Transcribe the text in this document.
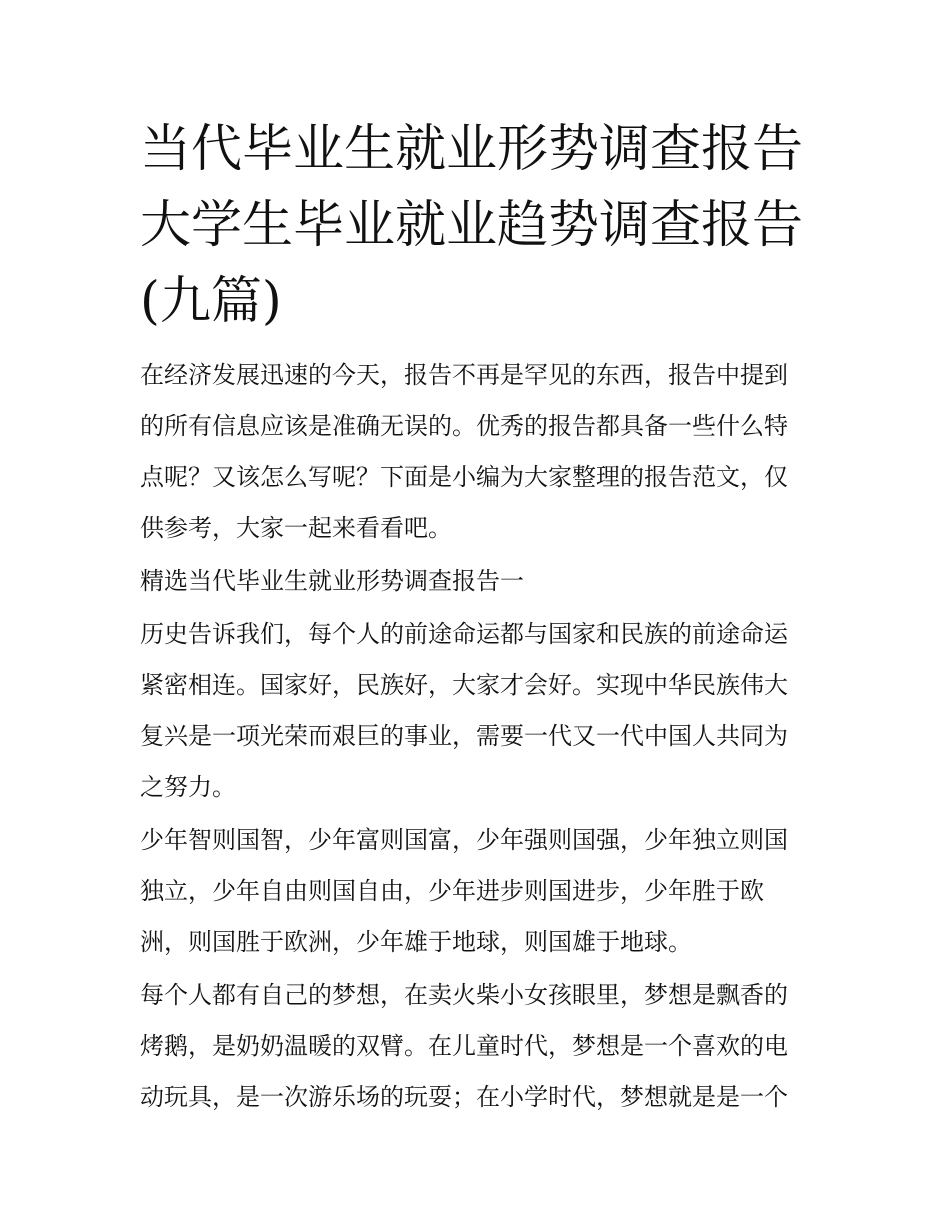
当代毕业生就业形势调查报告
大学生毕业就业趋势调查报告
(九篇)
在经济发展迅速的今天，报告不再是罕见的东西，报告中提到
的所有信息应该是准确无误的。优秀的报告都具备一些什么特
点呢？又该怎么写呢？下面是小编为大家整理的报告范文，仅
供参考，大家一起来看看吧。
精选当代毕业生就业形势调查报告一
历史告诉我们，每个人的前途命运都与国家和民族的前途命运
紧密相连。国家好，民族好，大家才会好。实现中华民族伟大
复兴是一项光荣而艰巨的事业，需要一代又一代中国人共同为
之努力。
少年智则国智，少年富则国富，少年强则国强，少年独立则国
独立，少年自由则国自由，少年进步则国进步，少年胜于欧
洲，则国胜于欧洲，少年雄于地球，则国雄于地球。
每个人都有自己的梦想，在卖火柴小女孩眼里，梦想是飘香的
烤鹅，是奶奶温暖的双臂。在儿童时代，梦想是一个喜欢的电
动玩具，是一次游乐场的玩耍；在小学时代，梦想就是是一个
